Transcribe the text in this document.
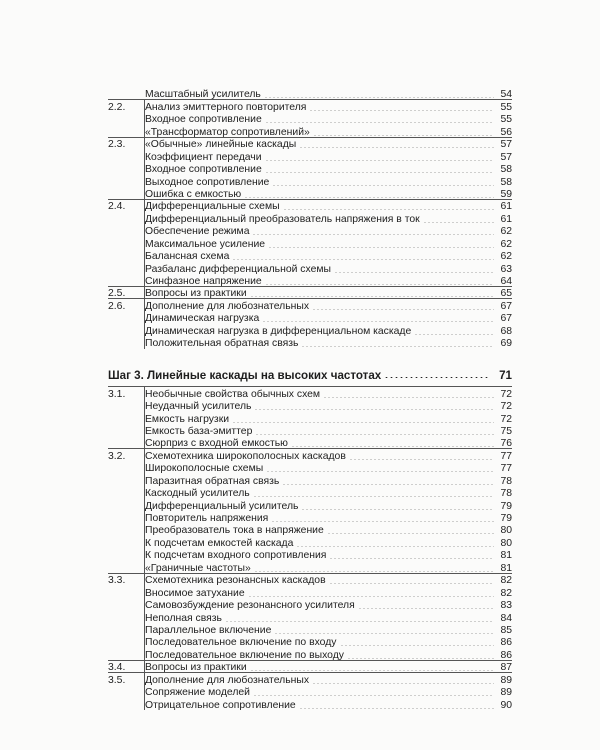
Масштабный усилитель	54
2.2.	Анализ эмиттерного повторителя	55
Входное сопротивление	55
«Трансформатор сопротивлений»	56
2.3.	«Обычные» линейные каскады	57
Коэффициент передачи	57
Входное сопротивление	58
Выходное сопротивление	58
Ошибка с емкостью	59
2.4.	Дифференциальные схемы	61
Дифференциальный преобразователь напряжения в ток	61
Обеспечение режима	62
Максимальное усиление	62
Балансная схема	62
Разбаланс дифференциальной схемы	63
Синфазное напряжение	64
2.5.	Вопросы из практики	65
2.6.	Дополнение для любознательных	67
Динамическая нагрузка	67
Динамическая нагрузка в дифференциальном каскаде	68
Положительная обратная связь	69
Шаг 3. Линейные каскады на высоких частотах	71
3.1.	Необычные свойства обычных схем	72
Неудачный усилитель	72
Емкость нагрузки	72
Емкость база-эмиттер	75
Сюрприз с входной емкостью	76
3.2.	Схемотехника широкополосных каскадов	77
Широкополосные схемы	77
Паразитная обратная связь	78
Каскодный усилитель	78
Дифференциальный усилитель	79
Повторитель напряжения	79
Преобразователь тока в напряжение	80
К подсчетам емкостей каскада	80
К подсчетам входного сопротивления	81
«Граничные частоты»	81
3.3.	Схемотехника резонансных каскадов	82
Вносимое затухание	82
Самовозбуждение резонансного усилителя	83
Неполная связь	84
Параллельное включение	85
Последовательное включение по входу	86
Последовательное включение по выходу	86
3.4.	Вопросы из практики	87
3.5.	Дополнение для любознательных	89
Сопряжение моделей	89
Отрицательное сопротивление	90
